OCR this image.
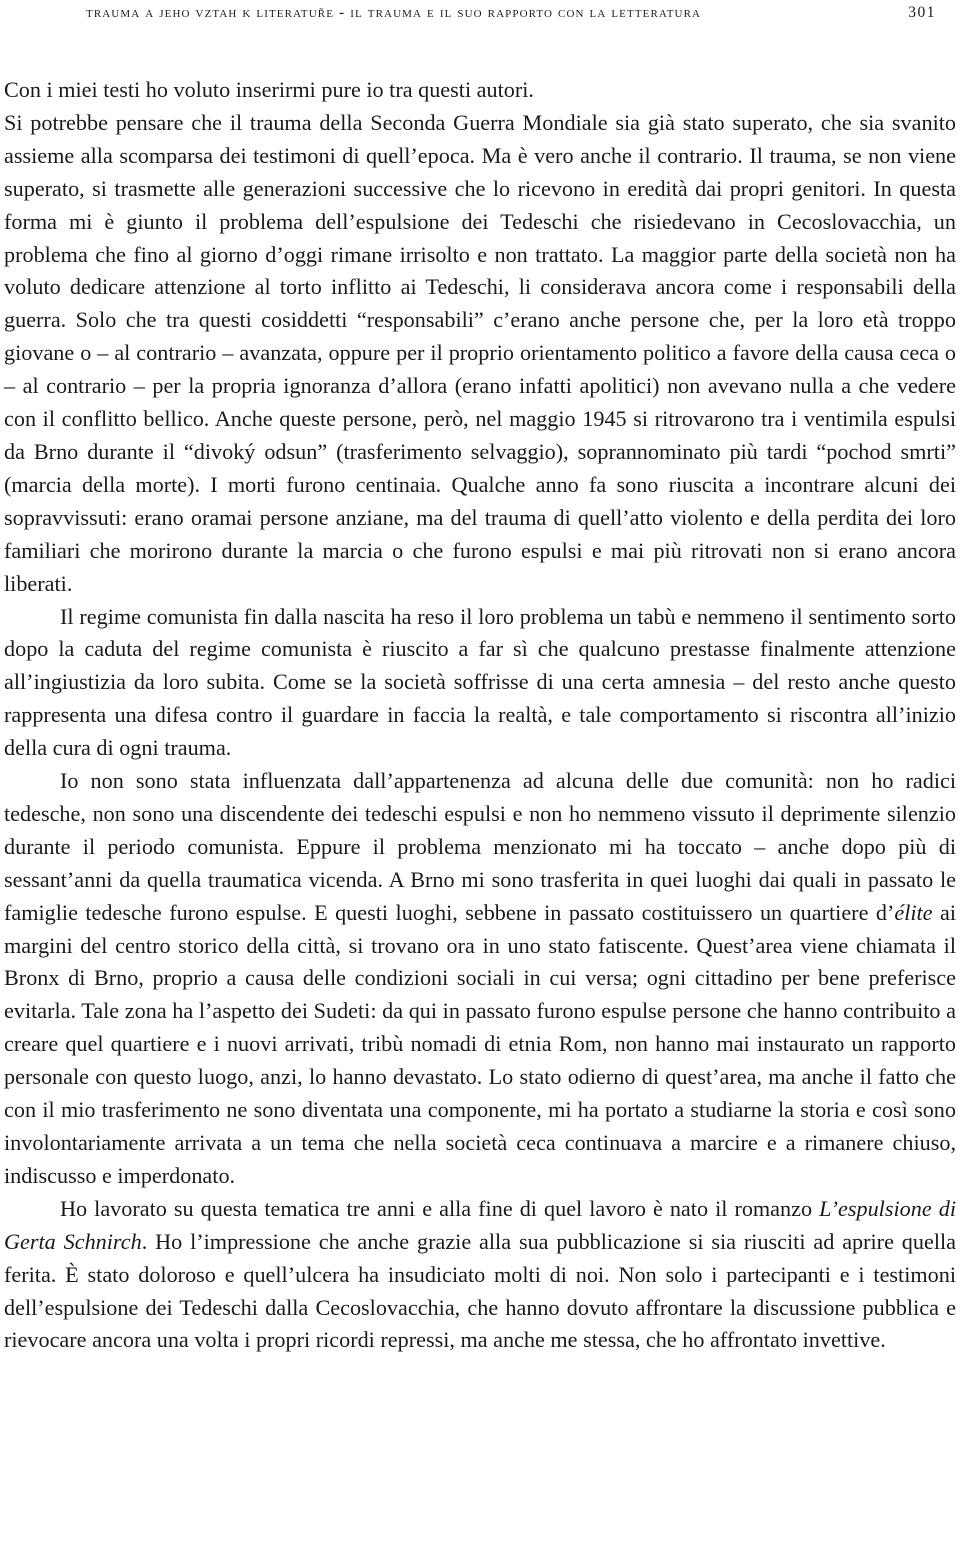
trauma a jeho vztah k literatuře - il trauma e il suo rapporto con la letteratura	301

Con i miei testi ho voluto inserirmi pure io tra questi autori.

Si potrebbe pensare che il trauma della Seconda Guerra Mondiale sia già stato superato, che sia svanito assieme alla scomparsa dei testimoni di quell’epoca. Ma è vero anche il contrario. Il trauma, se non viene superato, si trasmette alle generazioni successive che lo ricevono in eredità dai propri genitori. In questa forma mi è giunto il problema dell’espulsione dei Tedeschi che risiedevano in Cecoslovacchia, un problema che fino al giorno d’oggi rimane irrisolto e non trattato. La maggior parte della società non ha voluto dedicare attenzione al torto inflitto ai Tedeschi, li considerava ancora come i responsabili della guerra. Solo che tra questi cosiddetti “responsabili” c’erano anche persone che, per la loro età troppo giovane o – al contrario – avanzata, oppure per il proprio orientamento politico a favore della causa ceca o – al contrario – per la propria ignoranza d’allora (erano infatti apolitici) non avevano nulla a che vedere con il conflitto bellico. Anche queste persone, però, nel maggio 1945 si ritrovarono tra i ventimila espulsi da Brno durante il “divoký odsun” (trasferimento selvaggio), soprannominato più tardi “pochod smrti” (marcia della morte). I morti furono centinaia. Qualche anno fa sono riuscita a incontrare alcuni dei sopravvissuti: erano oramai persone anziane, ma del trauma di quell’atto violento e della perdita dei loro familiari che morirono durante la marcia o che furono espulsi e mai più ritrovati non si erano ancora liberati.

Il regime comunista fin dalla nascita ha reso il loro problema un tabù e nemmeno il sentimento sorto dopo la caduta del regime comunista è riuscito a far sì che qualcuno prestasse finalmente attenzione all’ingiustizia da loro subita. Come se la società soffrisse di una certa amnesia – del resto anche questo rappresenta una difesa contro il guardare in faccia la realtà, e tale comportamento si riscontra all’inizio della cura di ogni trauma.

Io non sono stata influenzata dall’appartenenza ad alcuna delle due comunità: non ho radici tedesche, non sono una discendente dei tedeschi espulsi e non ho nemmeno vissuto il deprimente silenzio durante il periodo comunista. Eppure il problema menzionato mi ha toccato – anche dopo più di sessant’anni da quella traumatica vicenda. A Brno mi sono trasferita in quei luoghi dai quali in passato le famiglie tedesche furono espulse. E questi luoghi, sebbene in passato costituissero un quartiere d’élite ai margini del centro storico della città, si trovano ora in uno stato fatiscente. Quest’area viene chiamata il Bronx di Brno, proprio a causa delle condizioni sociali in cui versa; ogni cittadino per bene preferisce evitarla. Tale zona ha l’aspetto dei Sudeti: da qui in passato furono espulse persone che hanno contribuito a creare quel quartiere e i nuovi arrivati, tribù nomadi di etnia Rom, non hanno mai instaurato un rapporto personale con questo luogo, anzi, lo hanno devastato. Lo stato odierno di quest’area, ma anche il fatto che con il mio trasferimento ne sono diventata una componente, mi ha portato a studiarne la storia e così sono involontariamente arrivata a un tema che nella società ceca continuava a marcire e a rimanere chiuso, indiscusso e imperdonato.

Ho lavorato su questa tematica tre anni e alla fine di quel lavoro è nato il romanzo L’espulsione di Gerta Schnirch. Ho l’impressione che anche grazie alla sua pubblicazione si sia riusciti ad aprire quella ferita. È stato doloroso e quell’ulcera ha insudiciato molti di noi. Non solo i partecipanti e i testimoni dell’espulsione dei Tedeschi dalla Cecoslovacchia, che hanno dovuto affrontare la discussione pubblica e rievocare ancora una volta i propri ricordi repressi, ma anche me stessa, che ho affrontato invettive.
